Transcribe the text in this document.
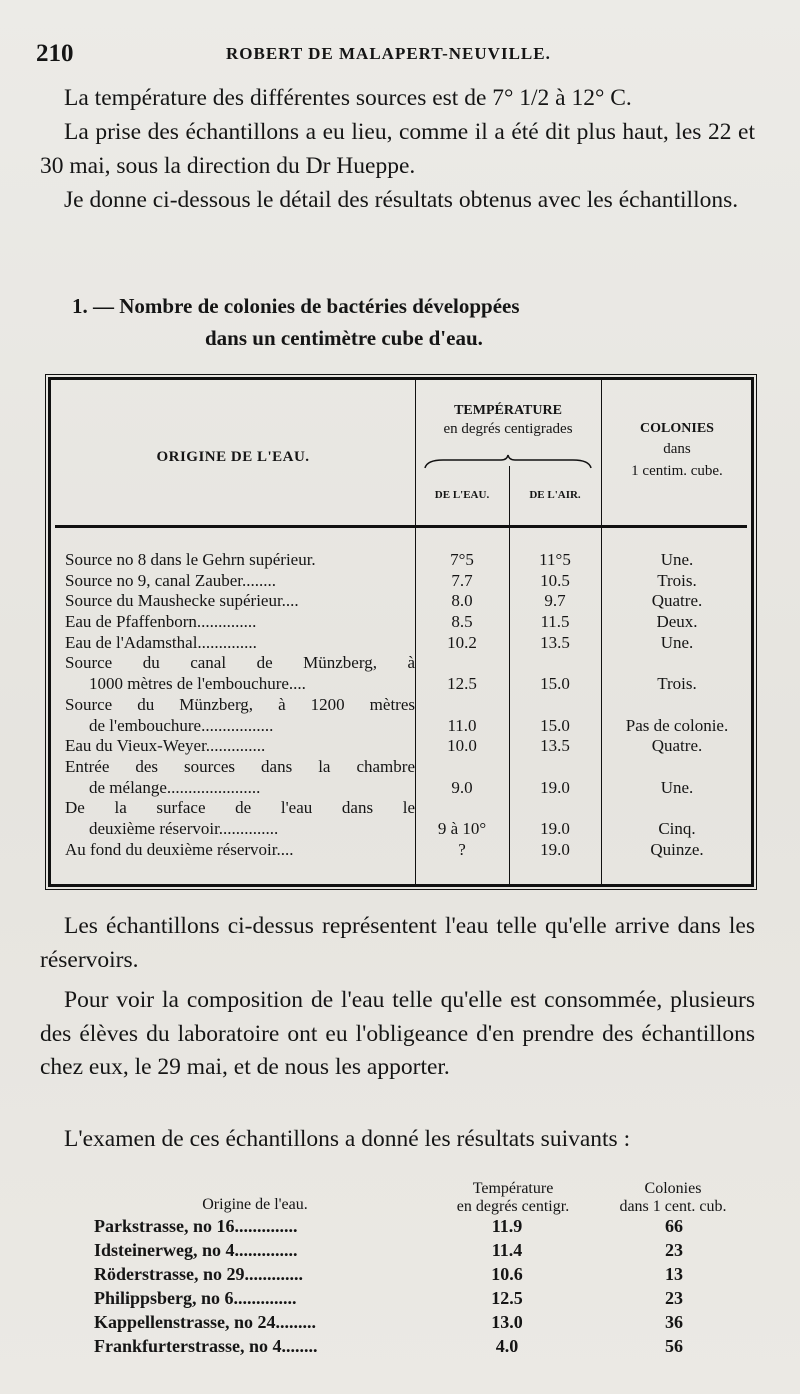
210	ROBERT DE MALAPERT-NEUVILLE.
La température des différentes sources est de 7° 1/2 à 12° C.
La prise des échantillons a eu lieu, comme il a été dit plus haut, les 22 et 30 mai, sous la direction du Dr Hueppe.
Je donne ci-dessous le détail des résultats obtenus avec les échantillons.
1. — Nombre de colonies de bactéries développées
dans un centimètre cube d'eau.
ORIGINE DE L'EAU.
TEMPÉRATURE
en degrés centigrades
DE L'EAU.	DE L'AIR.
COLONIES
dans
1 centim. cube.
Source no 8 dans le Gehrn supérieur.	7°5	11°5	Une.
Source no 9, canal Zauber........	7.7	10.5	Trois.
Source du Maushecke supérieur....	8.0	9.7	Quatre.
Eau de Pfaffenborn..............	8.5	11.5	Deux.
Eau de l'Adamsthal..............	10.2	13.5	Une.
Source du canal de Münzberg, à
1000 mètres de l'embouchure....	12.5	15.0	Trois.
Source du Münzberg, à 1200 mètres
de l'embouchure.................	11.0	15.0	Pas de colonie.
Eau du Vieux-Weyer..............	10.0	13.5	Quatre.
Entrée des sources dans la chambre
de mélange......................	9.0	19.0	Une.
De la surface de l'eau dans le
deuxième réservoir..............	9 à 10°	19.0	Cinq.
Au fond du deuxième réservoir....	?	19.0	Quinze.
Les échantillons ci-dessus représentent l'eau telle qu'elle arrive dans les réservoirs.
Pour voir la composition de l'eau telle qu'elle est consommée, plusieurs des élèves du laboratoire ont eu l'obligeance d'en prendre des échantillons chez eux, le 29 mai, et de nous les apporter.
L'examen de ces échantillons a donné les résultats suivants :
Origine de l'eau.
Température
en degrés centigr.
Colonies
dans 1 cent. cub.
Parkstrasse, no 16..............	11.9	66
Idsteinerweg, no 4..............	11.4	23
Röderstrasse, no 29.............	10.6	13
Philippsberg, no 6..............	12.5	23
Kappellenstrasse, no 24.........	13.0	36
Frankfurterstrasse, no 4........	4.0	56
